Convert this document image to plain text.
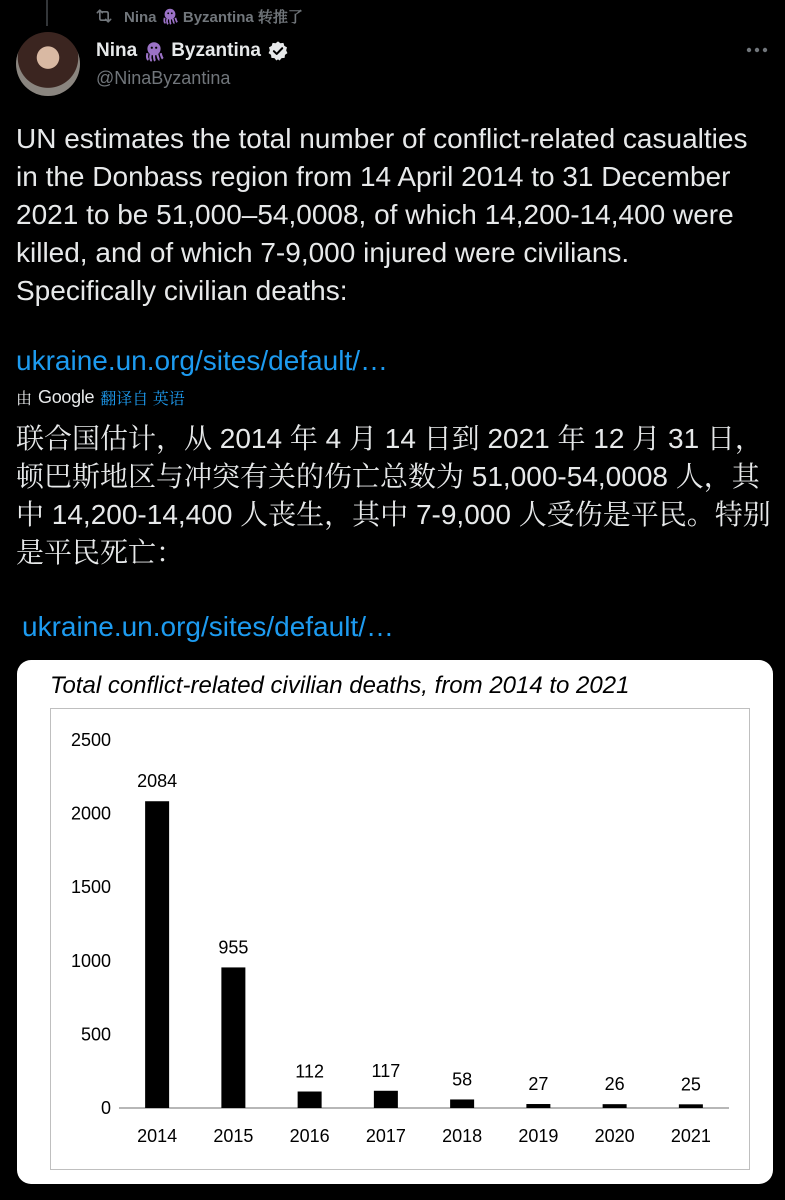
Nina Byzantina 转推了
Nina Byzantina
@NinaByzantina

UN estimates the total number of conflict-related casualties in the Donbass region from 14 April 2014 to 31 December 2021 to be 51,000–54,0008, of which 14,200-14,400 were killed, and of which 7-9,000 injured were civilians. Specifically civilian deaths:

ukraine.un.org/sites/default/…
由 Google 翻译自 英语

联合国估计，从 2014 年 4 月 14 日到 2021 年 12 月 31 日，顿巴斯地区与冲突有关的伤亡总数为 51,000-54,0008 人，其中 14,200-14,400 人丧生，其中 7-9,000 人受伤是平民。特别是平民死亡：

ukraine.un.org/sites/default/…

Total conflict-related civilian deaths, from 2014 to 2021

0
500
1000
1500
2000
2500
2084
2014
955
2015
112
2016
117
2017
58
2018
27
2019
26
2020
25
2021
